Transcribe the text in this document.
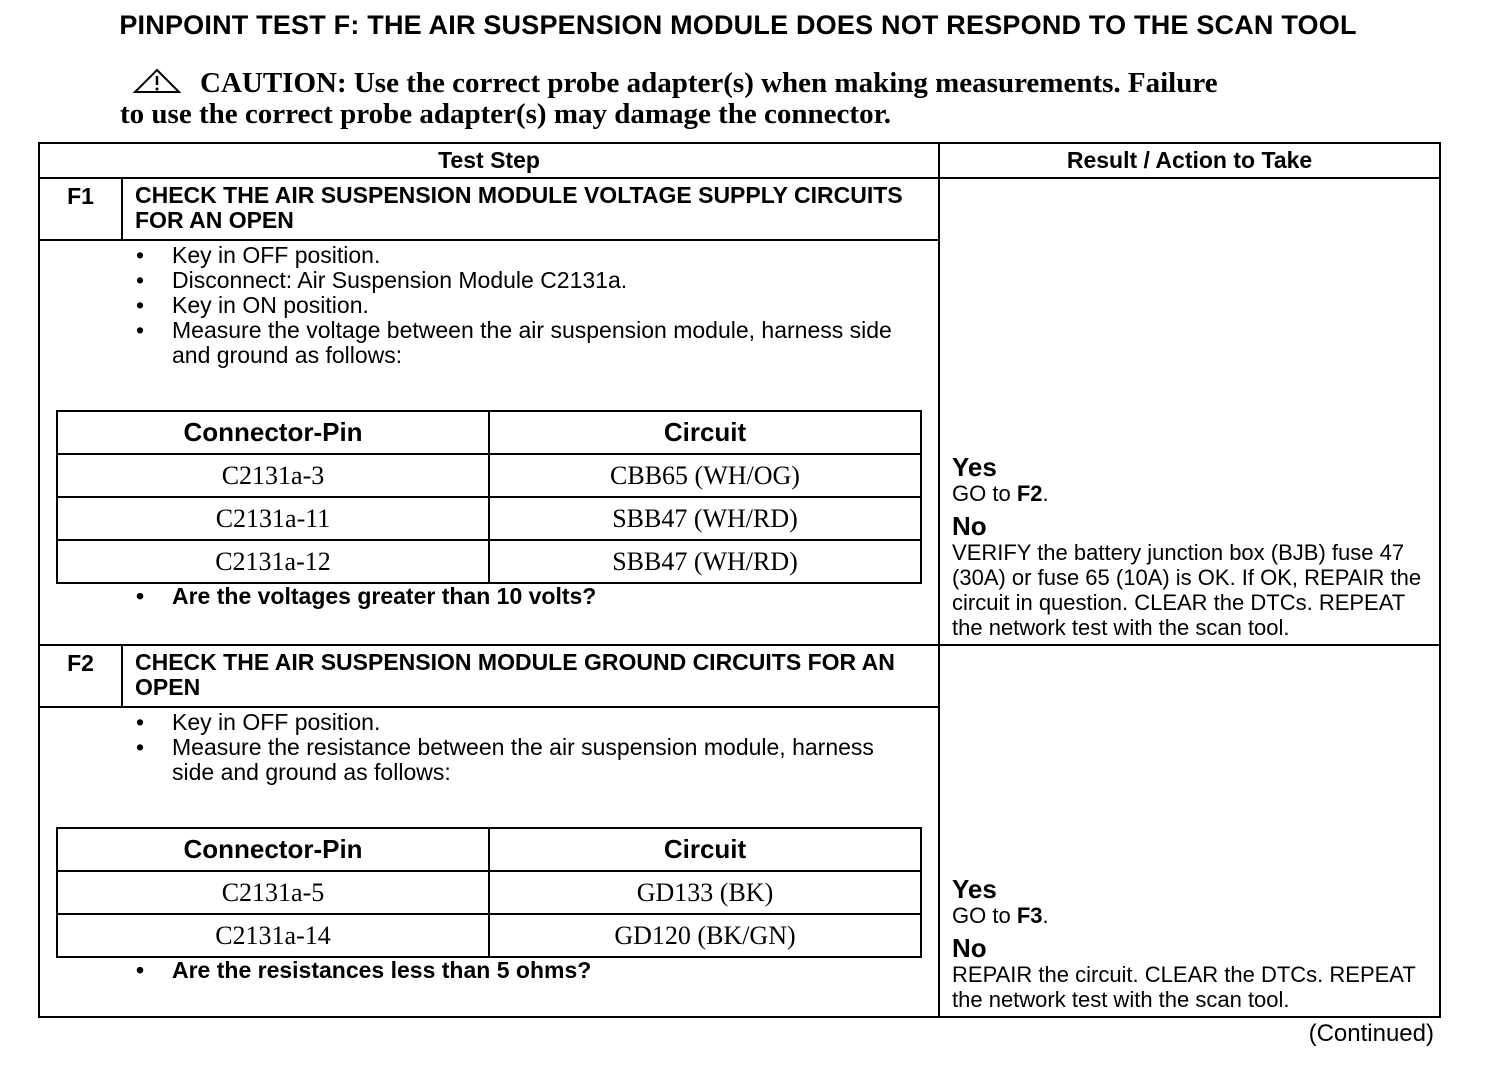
PINPOINT TEST F: THE AIR SUSPENSION MODULE DOES NOT RESPOND TO THE SCAN TOOL
CAUTION: Use the correct probe adapter(s) when making measurements. Failure
to use the correct probe adapter(s) may damage the connector.
Test Step	Result / Action to Take
F1	CHECK THE AIR SUSPENSION MODULE VOLTAGE SUPPLY CIRCUITS FOR AN OPEN	
Yes
GO to F2.
No
VERIFY the battery junction box (BJB) fuse 47 (30A) or fuse 65 (10A) is OK. If OK, REPAIR the circuit in question. CLEAR the DTCs. REPEAT the network test with the scan tool.

• Key in OFF position.
• Disconnect: Air Suspension Module C2131a.
• Key in ON position.
• Measure the voltage between the air suspension module, harness side and ground as follows:
Connector-Pin	Circuit
C2131a-3	CBB65 (WH/OG)
C2131a-11	SBB47 (WH/RD)
C2131a-12	SBB47 (WH/RD)
• Are the voltages greater than 10 volts?

F2	CHECK THE AIR SUSPENSION MODULE GROUND CIRCUITS FOR AN OPEN	
Yes
GO to F3.
No
REPAIR the circuit. CLEAR the DTCs. REPEAT the network test with the scan tool.

• Key in OFF position.
• Measure the resistance between the air suspension module, harness side and ground as follows:
Connector-Pin	Circuit
C2131a-5	GD133 (BK)
C2131a-14	GD120 (BK/GN)
• Are the resistances less than 5 ohms?
(Continued)
